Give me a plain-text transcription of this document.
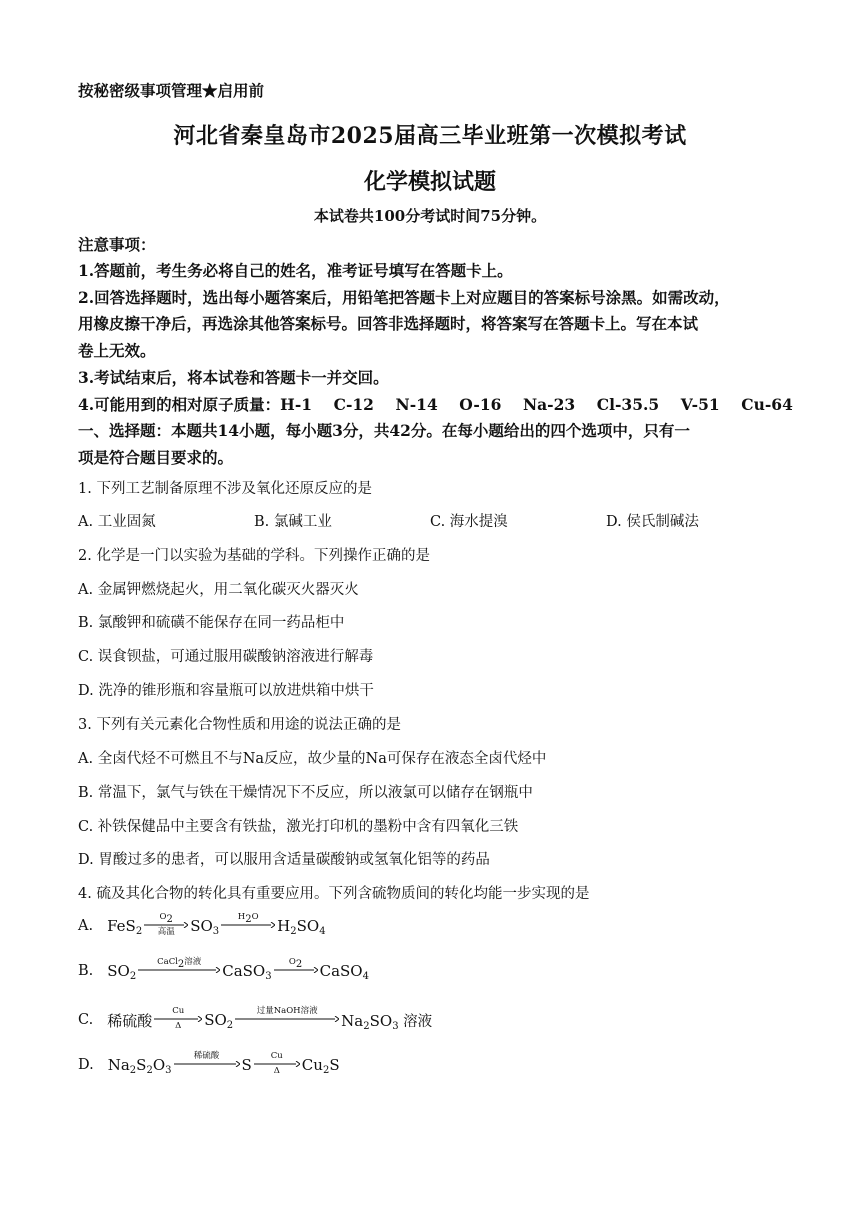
按秘密级事项管理★启用前
河北省秦皇岛市2025届高三毕业班第一次模拟考试
化学模拟试题
本试卷共100分考试时间75分钟。
注意事项：
1.答题前，考生务必将自己的姓名，准考证号填写在答题卡上。
2.回答选择题时，选出每小题答案后，用铅笔把答题卡上对应题目的答案标号涂黑。如需改动，
用橡皮擦干净后，再选涂其他答案标号。回答非选择题时，将答案写在答题卡上。写在本试
卷上无效。
3.考试结束后，将本试卷和答题卡一并交回。
4.可能用到的相对原子质量：H-1    C-12    N-14    O-16    Na-23    Cl-35.5    V-51    Cu-64
一、选择题：本题共14小题，每小题3分，共42分。在每小题给出的四个选项中，只有一
项是符合题目要求的。
1. 下列工艺制备原理不涉及氧化还原反应的是
A. 工业固氮	B. 氯碱工业	C. 海水提溴	D. 侯氏制碱法
2. 化学是一门以实验为基础的学科。下列操作正确的是
A. 金属钾燃烧起火，用二氧化碳灭火器灭火
B. 氯酸钾和硫磺不能保存在同一药品柜中
C. 误食钡盐，可通过服用碳酸钠溶液进行解毒
D. 洗净的锥形瓶和容量瓶可以放进烘箱中烘干
3. 下列有关元素化合物性质和用途的说法正确的是
A. 全卤代烃不可燃且不与Na反应，故少量的Na可保存在液态全卤代烃中
B. 常温下，氯气与铁在干燥情况下不反应，所以液氯可以储存在钢瓶中
C. 补铁保健品中主要含有铁盐，激光打印机的墨粉中含有四氧化三铁
D. 胃酸过多的患者，可以服用含适量碳酸钠或氢氧化铝等的药品
4. 硫及其化合物的转化具有重要应用。下列含硫物质间的转化均能一步实现的是
A. FeS$_2$
$O_2$
高温 $SO_3$
$H_2O$ $H_2SO_4$
B. $SO_2$
CaCl$_2$溶液 CaSO$_3$
$O_2$ CaSO$_4$
C. 稀硫酸
Cu
Δ $SO_2$
过量NaOH溶液
$Na_2SO_3$ 溶液
D. $Na_2S_2O_3$
稀硫酸 S Cu
Δ $Cu_2S$
